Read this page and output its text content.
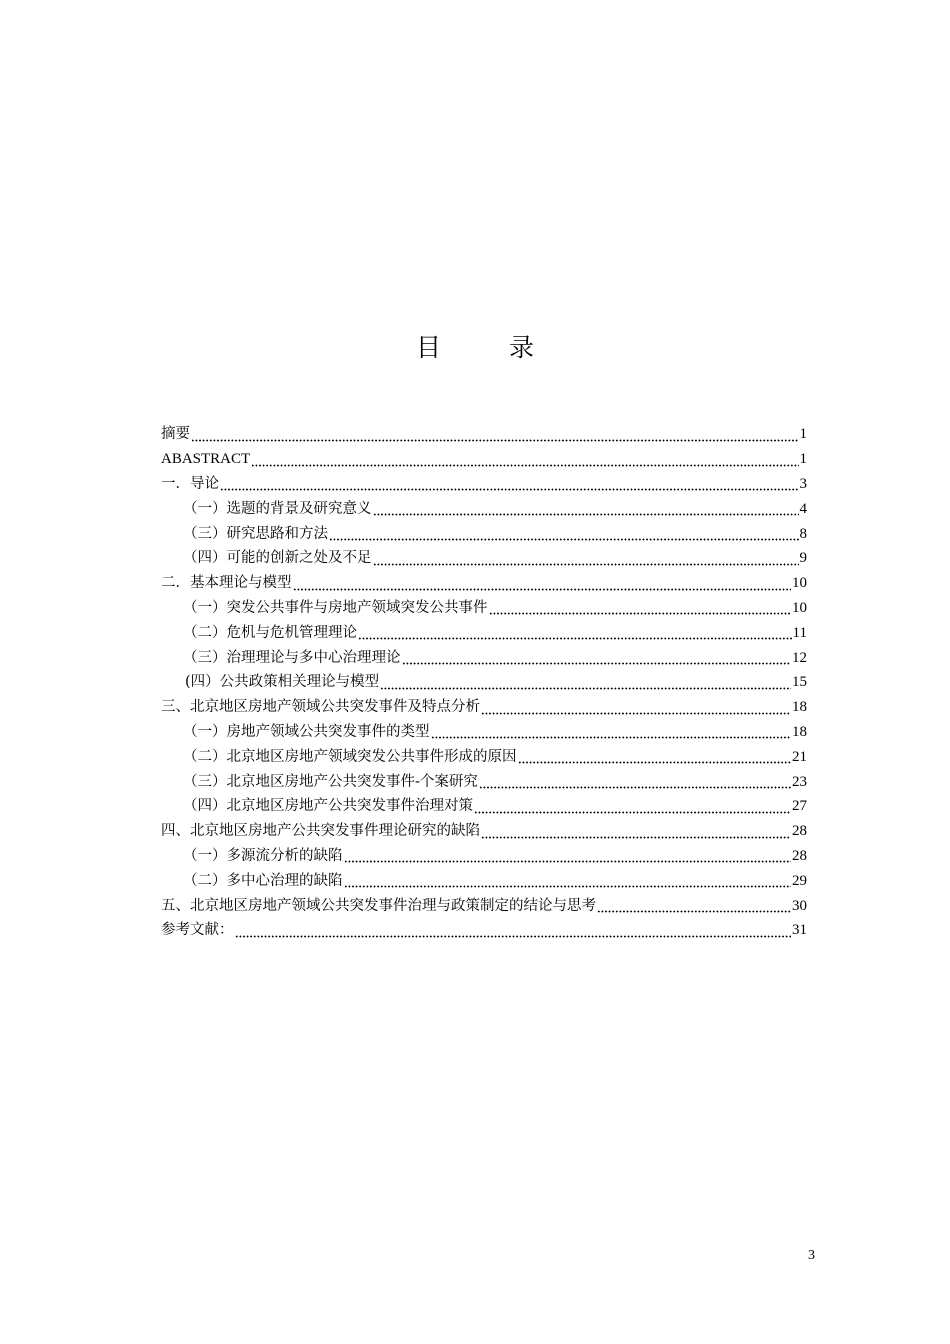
目 录
摘要	1
ABASTRACT	1
一．导论	3
（一）选题的背景及研究意义	4
（三）研究思路和方法	8
（四）可能的创新之处及不足	9
二．基本理论与模型	10
（一）突发公共事件与房地产领域突发公共事件	10
（二）危机与危机管理理论	11
（三）治理理论与多中心治理理论	12
(四）公共政策相关理论与模型	15
三、北京地区房地产领域公共突发事件及特点分析	18
（一）房地产领域公共突发事件的类型	18
（二）北京地区房地产领域突发公共事件形成的原因	21
（三）北京地区房地产公共突发事件-个案研究	23
（四）北京地区房地产公共突发事件治理对策	27
四、北京地区房地产公共突发事件理论研究的缺陷	28
（一）多源流分析的缺陷	28
（二）多中心治理的缺陷	29
五、北京地区房地产领域公共突发事件治理与政策制定的结论与思考	30
参考文献：	31
3
